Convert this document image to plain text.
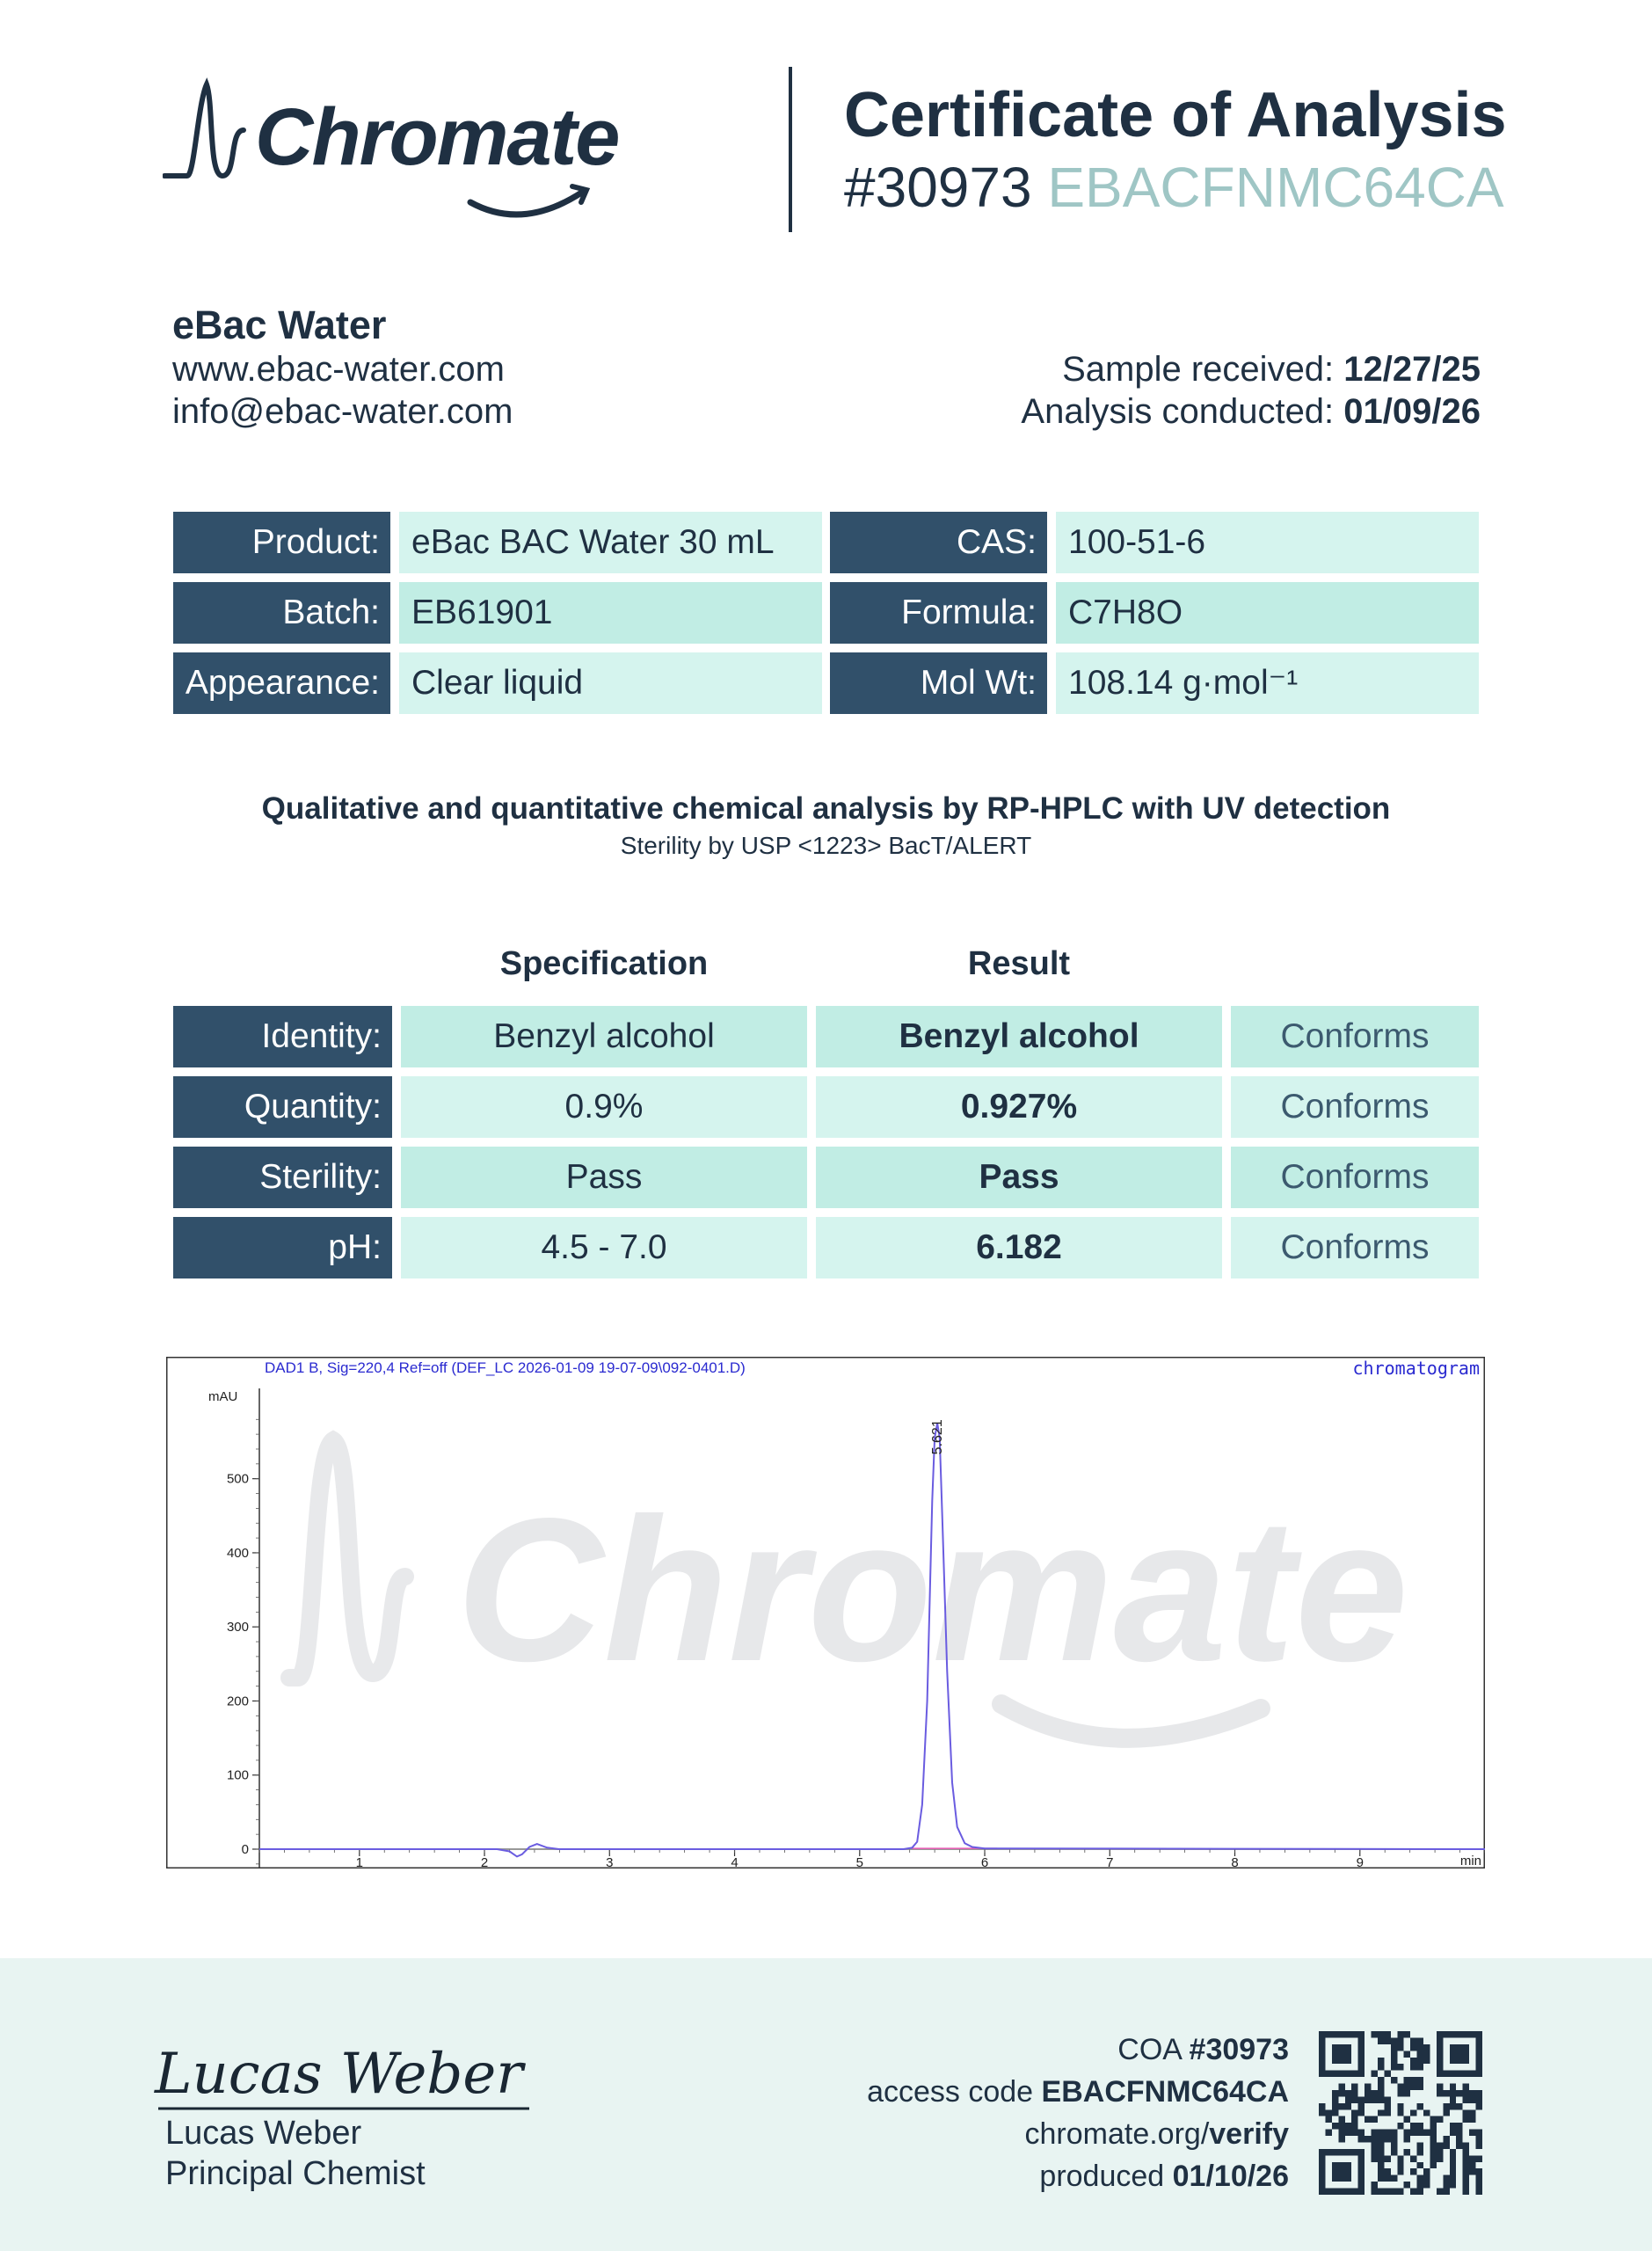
Chromate	Certificate of Analysis
#30973 EBACFNMC64CA
eBac Water
www.ebac-water.com
info@ebac-water.com
Sample received: 12/27/25
Analysis conducted: 01/09/26
Product: eBac BAC Water 30 mL	CAS: 100-51-6
Batch: EB61901	Formula: C7H8O
Appearance: Clear liquid	Mol Wt: 108.14 g·mol⁻¹
Qualitative and quantitative chemical analysis by RP-HPLC with UV detection
Sterility by USP <1223> BacT/ALERT
Specification	Result
Identity:	Benzyl alcohol	Benzyl alcohol	Conforms
Quantity:	0.9%	0.927%	Conforms
Sterility:	Pass	Pass	Conforms
pH:	4.5 - 7.0	6.182	Conforms
Chromate
DAD1 B, Sig=220,4 Ref=off (DEF_LC 2026-01-09 19-07-09\092-0401.D)	chromatogram
mAU
min
1	2	3	4	5	6	7	8	9
0
100
200
300
400
500
5.621
Lucas Weber
Lucas Weber
Principal Chemist
COA #30973
access code EBACFNMC64CA
chromate.org/verify
produced 01/10/26
